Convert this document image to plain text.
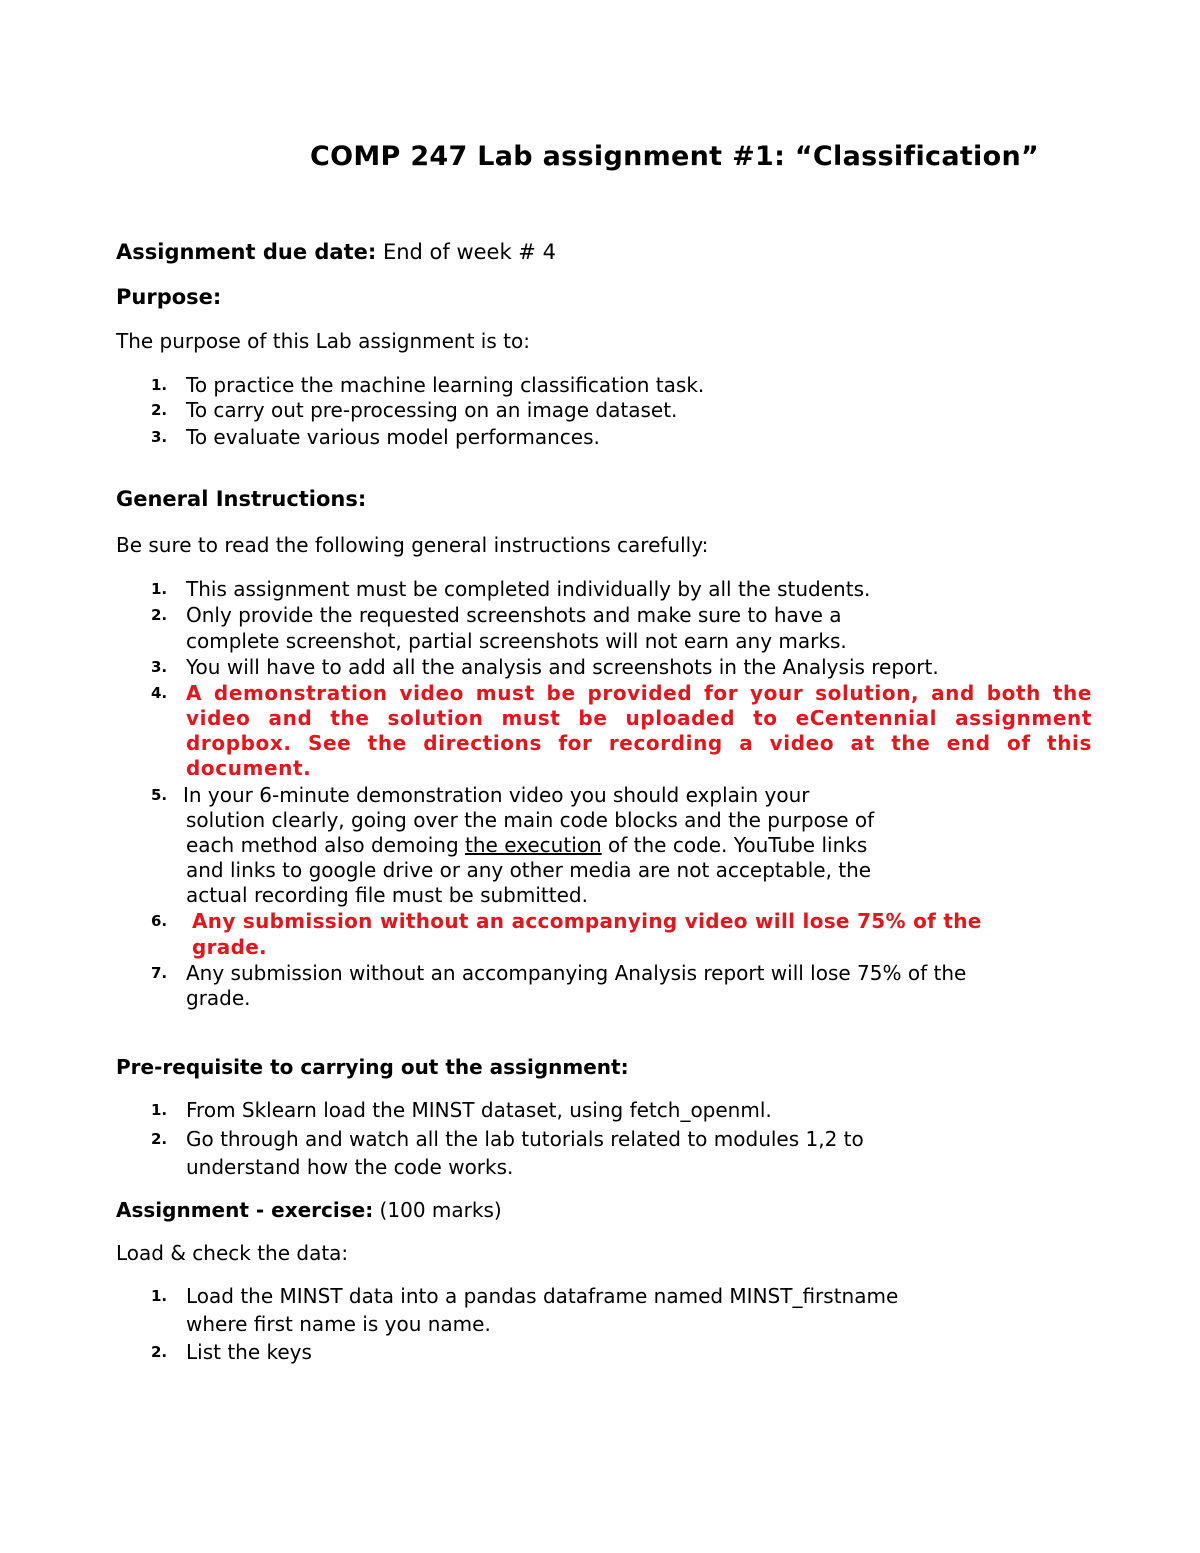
COMP 247 Lab assignment #1: “Classification”
Assignment due date: End of week # 4
Purpose:
The purpose of this Lab assignment is to:
1. To practice the machine learning classification task.
2. To carry out pre-processing on an image dataset.
3. To evaluate various model performances.
General Instructions:
Be sure to read the following general instructions carefully:
1. This assignment must be completed individually by all the students.
2. Only provide the requested screenshots and make sure to have a
complete screenshot, partial screenshots will not earn any marks.
3. You will have to add all the analysis and screenshots in the Analysis report.
4. A demonstration video must be provided for your solution, and both the
video and the solution must be uploaded to eCentennial assignment
dropbox. See the directions for recording a video at the end of this
document.
5. In your 6-minute demonstration video you should explain your
solution clearly, going over the main code blocks and the purpose of
each method also demoing the execution of the code. YouTube links
and links to google drive or any other media are not acceptable, the
actual recording file must be submitted.
6. Any submission without an accompanying video will lose 75% of the
grade.
7. Any submission without an accompanying Analysis report will lose 75% of the
grade.
Pre-requisite to carrying out the assignment:
1. From Sklearn load the MINST dataset, using fetch_openml.
2. Go through and watch all the lab tutorials related to modules 1,2 to
understand how the code works.
Assignment - exercise: (100 marks)
Load & check the data:
1. Load the MINST data into a pandas dataframe named MINST_firstname
where first name is you name.
2. List the keys
